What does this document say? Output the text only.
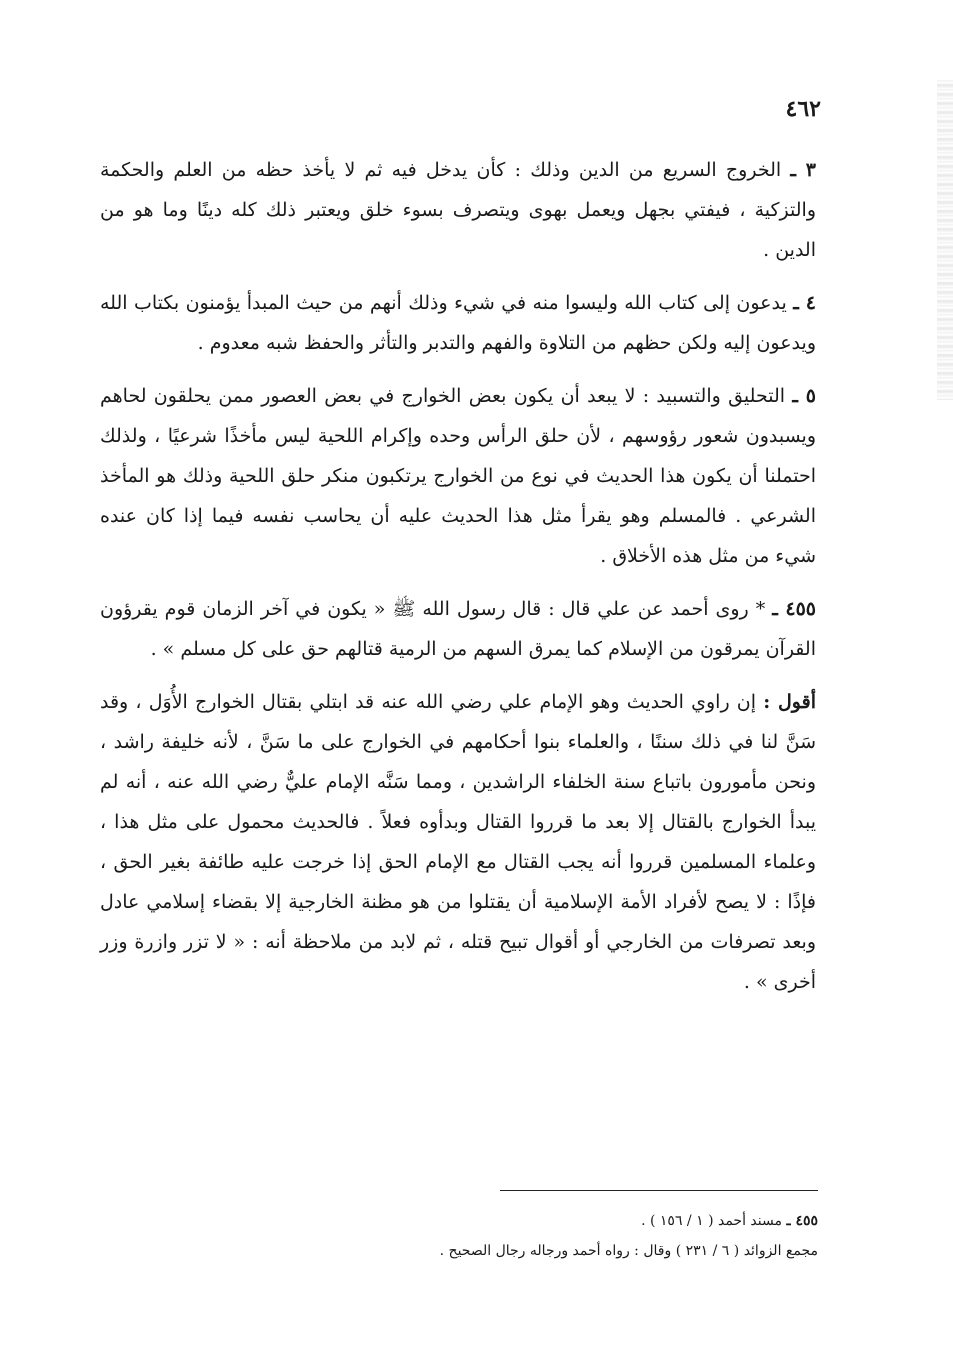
٤٦٢

٣ ـ الخروج السريع من الدين وذلك : كأن يدخل فيه ثم لا يأخذ حظه من العلم والحكمة والتزكية ، فيفتي بجهل ويعمل بهوى ويتصرف بسوء خلق ويعتبر ذلك كله دينًا وما هو من الدين .

٤ ـ يدعون إلى كتاب الله وليسوا منه في شيء وذلك أنهم من حيث المبدأ يؤمنون بكتاب الله ويدعون إليه ولكن حظهم من التلاوة والفهم والتدبر والتأثر والحفظ شبه معدوم .

٥ ـ التحليق والتسبيد : لا يبعد أن يكون بعض الخوارج في بعض العصور ممن يحلقون لحاهم ويسبدون شعور رؤوسهم ، لأن حلق الرأس وحده وإكرام اللحية ليس مأخذًا شرعيًا ، ولذلك احتملنا أن يكون هذا الحديث في نوع من الخوارج يرتكبون منكر حلق اللحية وذلك هو المأخذ الشرعي . فالمسلم وهو يقرأ مثل هذا الحديث عليه أن يحاسب نفسه فيما إذا كان عنده شيء من مثل هذه الأخلاق .

٤٥٥ ـ * روى أحمد عن علي قال : قال رسول الله ﷺ « يكون في آخر الزمان قوم يقرؤون القرآن يمرقون من الإسلام كما يمرق السهم من الرمية قتالهم حق على كل مسلم » .

أقول : إن راوي الحديث وهو الإمام علي رضي الله عنه قد ابتلي بقتال الخوارج الأُوَل ، وقد سَنَّ لنا في ذلك سننًا ، والعلماء بنوا أحكامهم في الخوارج على ما سَنَّ ، لأنه خليفة راشد ، ونحن مأمورون باتباع سنة الخلفاء الراشدين ، ومما سَنَّه الإمام عليٌّ رضي الله عنه ، أنه لم يبدأ الخوارج بالقتال إلا بعد ما قرروا القتال وبدأوه فعلاً . فالحديث محمول على مثل هذا ، وعلماء المسلمين قرروا أنه يجب القتال مع الإمام الحق إذا خرجت عليه طائفة بغير الحق ، فإذًا : لا يصح لأفراد الأمة الإسلامية أن يقتلوا من هو مظنة الخارجية إلا بقضاء إسلامي عادل وبعد تصرفات من الخارجي أو أقوال تبيح قتله ، ثم لابد من ملاحظة أنه : « لا تزر وازرة وزر أخرى » .

٤٥٥ ـ مسند أحمد ( ١ / ١٥٦ ) .

مجمع الزوائد ( ٦ / ٢٣١ ) وقال : رواه أحمد ورجاله رجال الصحيح .
